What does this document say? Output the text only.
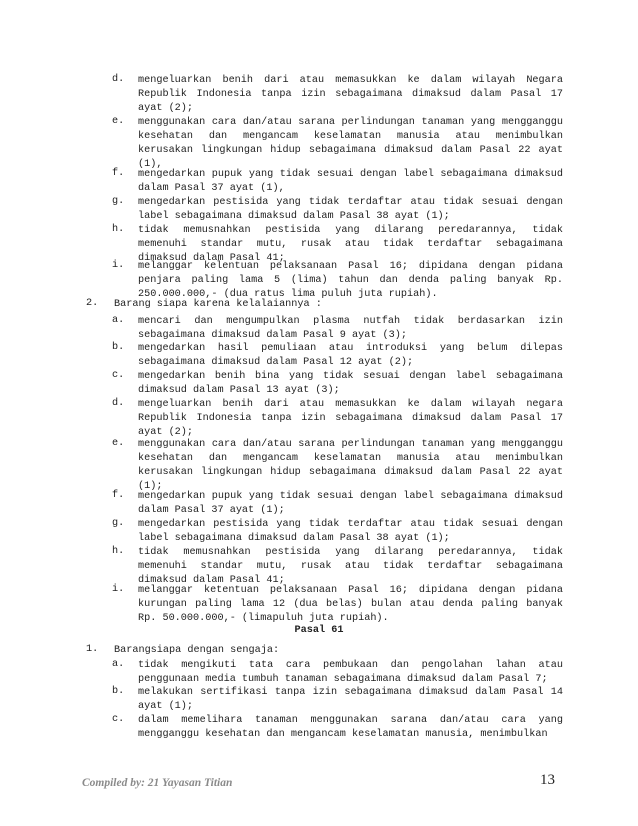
d.	mengeluarkan benih dari atau memasukkan ke dalam wilayah Negara Republik Indonesia tanpa izin sebagaimana dimaksud dalam Pasal 17 ayat (2);
e.	menggunakan cara dan/atau sarana perlindungan tanaman yang mengganggu kesehatan dan mengancam keselamatan manusia atau menimbulkan kerusakan lingkungan hidup sebagaimana dimaksud dalam Pasal 22 ayat (1),
f.	mengedarkan pupuk yang tidak sesuai dengan label sebagaimana dimaksud dalam Pasal 37 ayat (1),
g.	mengedarkan pestisida yang tidak terdaftar atau tidak sesuai dengan label sebagaimana dimaksud dalam Pasal 38 ayat (1);
h.	tidak memusnahkan pestisida yang dilarang peredarannya, tidak memenuhi standar mutu, rusak atau tidak terdaftar sebagaimana dimaksud dalam Pasal 41;
i.	melanggar kelentuan pelaksanaan Pasal 16; dipidana dengan pidana penjara paling lama 5 (lima) tahun dan denda paling banyak Rp. 250.000.000,- (dua ratus lima puluh juta rupiah).
2.	Barang siapa karena kelalaiannya :
a.	mencari dan mengumpulkan plasma nutfah tidak berdasarkan izin sebagaimana dimaksud dalam Pasal 9 ayat (3);
b.	mengedarkan hasil pemuliaan atau introduksi yang belum dilepas sebagaimana dimaksud dalam Pasal 12 ayat (2);
c.	mengedarkan benih bina yang tidak sesuai dengan label sebagaimana dimaksud dalam Pasal 13 ayat (3);
d.	mengeluarkan benih dari atau memasukkan ke dalam wilayah negara Republik Indonesia tanpa izin sebagaimana dimaksud dalam Pasal 17 ayat (2);
e.	menggunakan cara dan/atau sarana perlindungan tanaman yang mengganggu kesehatan dan mengancam keselamatan manusia atau menimbulkan kerusakan lingkungan hidup sebagaimana dimaksud dalam Pasal 22 ayat (1);
f.	mengedarkan pupuk yang tidak sesuai dengan label sebagaimana dimaksud dalam Pasal 37 ayat (1);
g.	mengedarkan pestisida yang tidak terdaftar atau tidak sesuai dengan label sebagaimana dimaksud dalam Pasal 38 ayat (1);
h.	tidak memusnahkan pestisida yang dilarang peredarannya, tidak memenuhi standar mutu, rusak atau tidak terdaftar sebagaimana dimaksud dalam Pasal 41;
i.	melanggar ketentuan pelaksanaan Pasal 16; dipidana dengan pidana kurungan paling lama 12 (dua belas) bulan atau denda paling banyak Rp. 50.000.000,- (limapuluh juta rupiah).
Pasal 61
1.	Barangsiapa dengan sengaja:
a.	tidak mengikuti tata cara pembukaan dan pengolahan lahan atau penggunaan media tumbuh tanaman sebagaimana dimaksud dalam Pasal 7;
b.	melakukan sertifikasi tanpa izin sebagaimana dimaksud dalam Pasal 14 ayat (1);
c.	dalam memelihara tanaman menggunakan sarana dan/atau cara yang mengganggu kesehatan dan mengancam keselamatan manusia, menimbulkan
Compiled by: 21 Yayasan Titian	13
